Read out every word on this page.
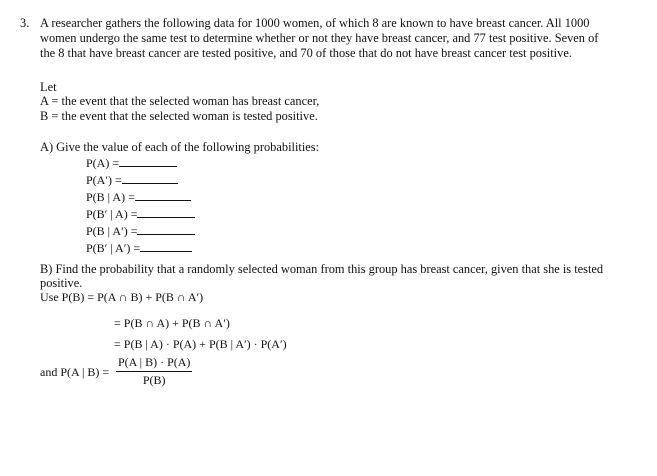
3. A researcher gathers the following data for 1000 women, of which 8 are known to have breast cancer. All 1000
women undergo the same test to determine whether or not they have breast cancer, and 77 test positive. Seven of
the 8 that have breast cancer are tested positive, and 70 of those that do not have breast cancer test positive.
Let
A = the event that the selected woman has breast cancer,
B = the event that the selected woman is tested positive.
A) Give the value of each of the following probabilities:
P(A) =
P(A′) =
P(B | A) =
P(B′ | A) =
P(B | A′) =
P(B′ | A′) =
B) Find the probability that a randomly selected woman from this group has breast cancer, given that she is tested
positive.
Use P(B) = P(A ∩ B) + P(B ∩ A′)
= P(B ∩ A) + P(B ∩ A′)
= P(B | A) · P(A) + P(B | A′) · P(A′)
and P(A | $B) = \frac{P(A | B) \cdot P(A)}{P(B)}$
